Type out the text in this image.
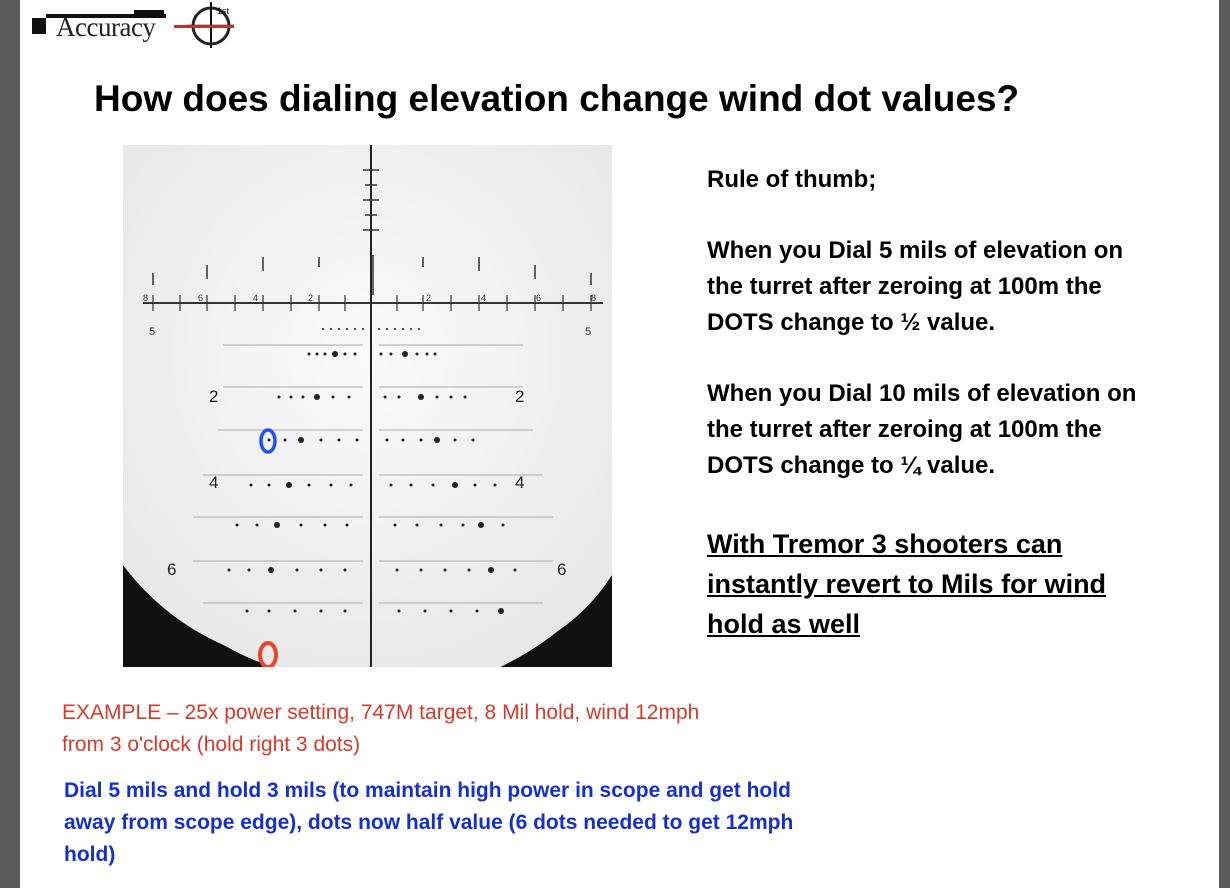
1st
Accuracy
How does dialing elevation change wind dot values?
8	6	4	2	2	4	6	8
5	5
2
4
6
2
4
6
Rule of thumb;
When you Dial 5 mils of elevation on the turret after zeroing at 100m the DOTS change to ½ value.
When you Dial 10 mils of elevation on the turret after zeroing at 100m the DOTS change to ¼ value.
With Tremor 3 shooters can instantly revert to Mils for wind hold as well
EXAMPLE – 25x power setting, 747M target, 8 Mil hold, wind 12mph from 3 o'clock (hold right 3 dots)
Dial 5 mils and hold 3 mils (to maintain high power in scope and get hold away from scope edge), dots now half value (6 dots needed to get 12mph hold)
